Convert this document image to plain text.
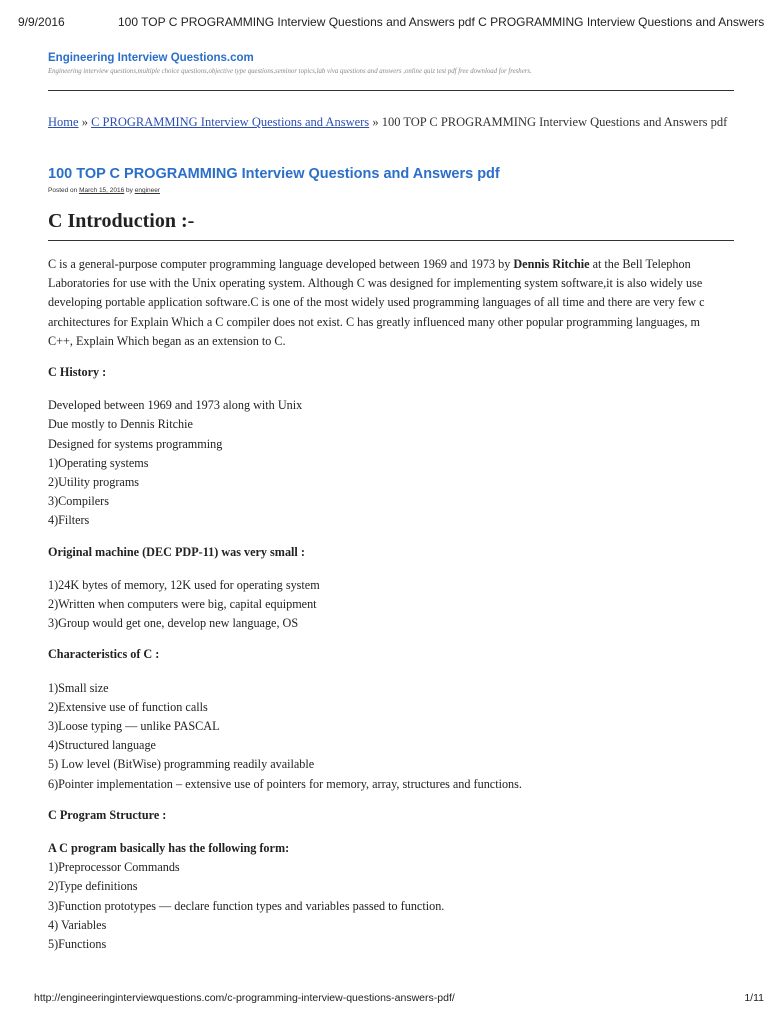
9/9/2016	100 TOP C PROGRAMMING Interview Questions and Answers pdf C PROGRAMMING Interview Questions and Answers
Engineering Interview Questions.com
Engineering interview questions,multiple choice questions,objective type questions,seminor topics,lab viva questions and answers ,online quiz test pdf free download for freshers.
Home » C PROGRAMMING Interview Questions and Answers » 100 TOP C PROGRAMMING Interview Questions and Answers pdf
100 TOP C PROGRAMMING Interview Questions and Answers pdf
Posted on March 15, 2016 by engineer
C Introduction :-

C is a general-purpose computer programming language developed between 1969 and 1973 by Dennis Ritchie at the Bell Telephon

Laboratories for use with the Unix operating system. Although C was designed for implementing system software,it is also widely use

developing portable application software.C is one of the most widely used programming languages of all time and there are very few c

architectures for Explain Which a C compiler does not exist. C has greatly influenced many other popular programming languages, m

C++, Explain Which began as an extension to C.

C History :

Developed between 1969 and 1973 along with Unix

Due mostly to Dennis Ritchie

Designed for systems programming

1)Operating systems

2)Utility programs

3)Compilers

4)Filters

Original machine (DEC PDP-11) was very small :

1)24K bytes of memory, 12K used for operating system

2)Written when computers were big, capital equipment

3)Group would get one, develop new language, OS

Characteristics of C :

1)Small size

2)Extensive use of function calls

3)Loose typing — unlike PASCAL

4)Structured language

5) Low level (BitWise) programming readily available

6)Pointer implementation – extensive use of pointers for memory, array, structures and functions.

C Program Structure :

A C program basically has the following form:

1)Preprocessor Commands

2)Type definitions

3)Function prototypes — declare function types and variables passed to function.

4) Variables

5)Functions

http://engineeringinterviewquestions.com/c-programming-interview-questions-answers-pdf/	1/11
